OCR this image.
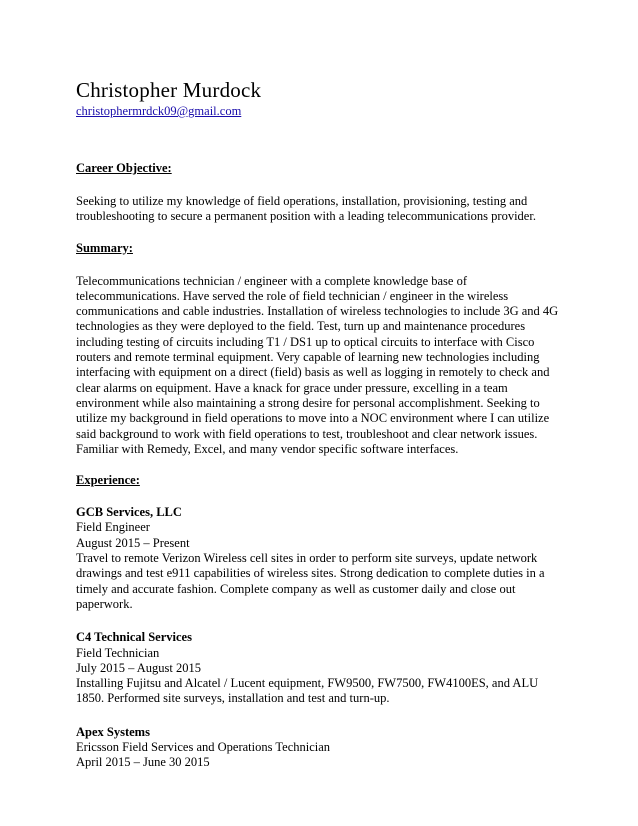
Christopher Murdock
christophermrdck09@gmail.com

Career Objective:

Seeking to utilize my knowledge of field operations, installation, provisioning, testing and
troubleshooting to secure a permanent position with a leading telecommunications provider.

Summary:

Telecommunications technician / engineer with a complete knowledge base of
telecommunications. Have served the role of field technician / engineer in the wireless
communications and cable industries. Installation of wireless technologies to include 3G and 4G
technologies as they were deployed to the field. Test, turn up and maintenance procedures
including testing of circuits including T1 / DS1 up to optical circuits to interface with Cisco
routers and remote terminal equipment. Very capable of learning new technologies including
interfacing with equipment on a direct (field) basis as well as logging in remotely to check and
clear alarms on equipment. Have a knack for grace under pressure, excelling in a team
environment while also maintaining a strong desire for personal accomplishment. Seeking to
utilize my background in field operations to move into a NOC environment where I can utilize
said background to work with field operations to test, troubleshoot and clear network issues.
Familiar with Remedy, Excel, and many vendor specific software interfaces.

Experience:

GCB Services, LLC

Field Engineer

August 2015 – Present

Travel to remote Verizon Wireless cell sites in order to perform site surveys, update network
drawings and test e911 capabilities of wireless sites. Strong dedication to complete duties in a
timely and accurate fashion. Complete company as well as customer daily and close out
paperwork.

C4 Technical Services

Field Technician

July 2015 – August 2015

Installing Fujitsu and Alcatel / Lucent equipment, FW9500, FW7500, FW4100ES, and ALU
1850. Performed site surveys, installation and test and turn-up.

Apex Systems

Ericsson Field Services and Operations Technician

April 2015 – June 30 2015
